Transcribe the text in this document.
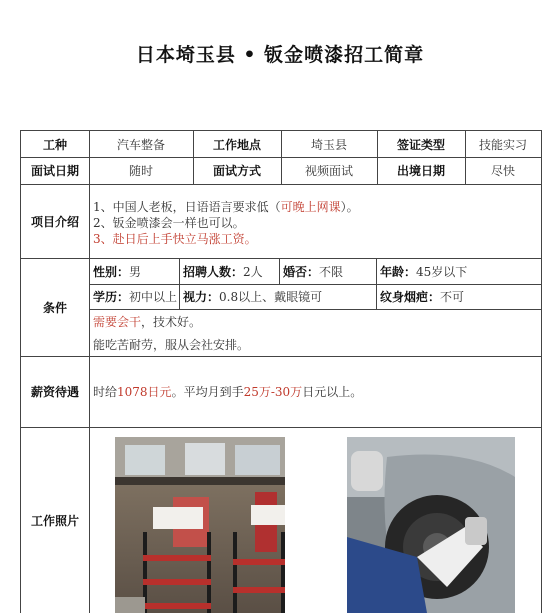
日本埼玉县 • 钣金喷漆招工简章
工种	汽车整备	工作地点	埼玉县	签证类型	技能实习
面试日期	随时	面试方式	视频面试	出境日期	尽快
项目介绍
1、中国人老板，日语语言要求低（可晚上网课）。
2、钣金喷漆会一样也可以。
3、赴日后上手快立马涨工资。
条件
性别： 男	招聘人数： 2人 婚否： 不限	年龄： 45岁以下
学历： 初中以上 视力： 0.8以上、戴眼镜可	纹身烟疤： 不可
需要会干 ，技术好。
能吃苦耐劳，服从会社安排。
薪资待遇	时给 1078日元 。平均月到手 25万-30万 日元以上。
工作照片
